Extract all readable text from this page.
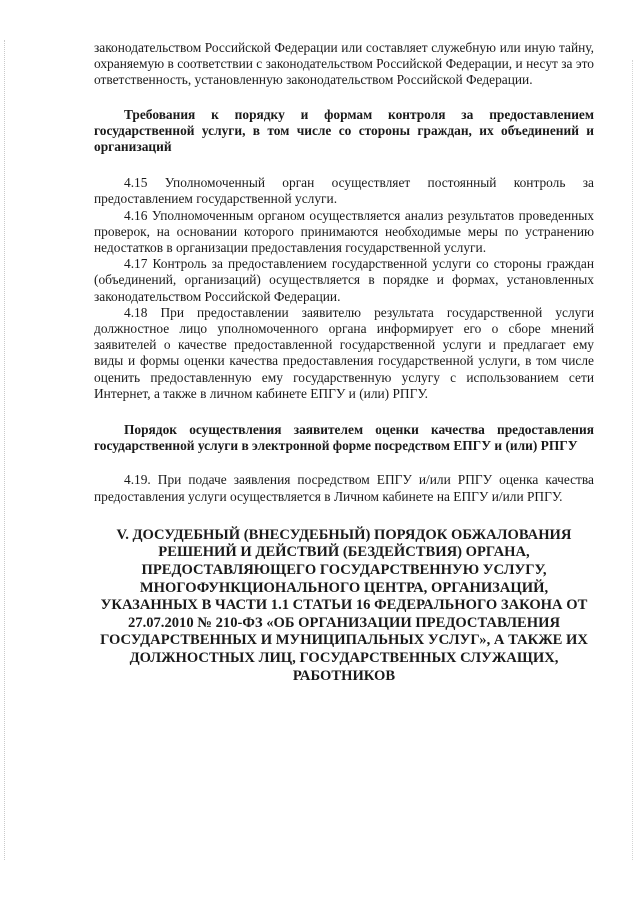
законодательством Российской Федерации или составляет служебную или иную тайну, охраняемую в соответствии с законодательством Российской Федерации, и несут за это ответственность, установленную законодательством Российской Федерации.

Требования к порядку и формам контроля за предоставлением государственной услуги, в том числе со стороны граждан, их объединений и организаций

4.15 Уполномоченный орган осуществляет постоянный контроль за предоставлением государственной услуги.

4.16 Уполномоченным органом осуществляется анализ результатов проведенных проверок, на основании которого принимаются необходимые меры по устранению недостатков в организации предоставления государственной услуги.

4.17 Контроль за предоставлением государственной услуги со стороны граждан (объединений, организаций) осуществляется в порядке и формах, установленных законодательством Российской Федерации.

4.18 При предоставлении заявителю результата государственной услуги должностное лицо уполномоченного органа информирует его о сборе мнений заявителей о качестве предоставленной государственной услуги и предлагает ему виды и формы оценки качества предоставления государственной услуги, в том числе оценить предоставленную ему государственную услугу с использованием сети Интернет, а также в личном кабинете ЕПГУ и (или) РПГУ.

Порядок осуществления заявителем оценки качества предоставления государственной услуги в электронной форме посредством ЕПГУ и (или) РПГУ

4.19. При подаче заявления посредством ЕПГУ и/или РПГУ оценка качества предоставления услуги осуществляется в Личном кабинете на ЕПГУ и/или РПГУ.

V. ДОСУДЕБНЫЙ (ВНЕСУДЕБНЫЙ) ПОРЯДОК ОБЖАЛОВАНИЯ РЕШЕНИЙ И ДЕЙСТВИЙ (БЕЗДЕЙСТВИЯ) ОРГАНА, ПРЕДОСТАВЛЯЮЩЕГО ГОСУДАРСТВЕННУЮ УСЛУГУ, МНОГОФУНКЦИОНАЛЬНОГО ЦЕНТРА, ОРГАНИЗАЦИЙ, УКАЗАННЫХ В ЧАСТИ 1.1 СТАТЬИ 16 ФЕДЕРАЛЬНОГО ЗАКОНА ОТ 27.07.2010 № 210-ФЗ «ОБ ОРГАНИЗАЦИИ ПРЕДОСТАВЛЕНИЯ ГОСУДАРСТВЕННЫХ И МУНИЦИПАЛЬНЫХ УСЛУГ», А ТАКЖЕ ИХ ДОЛЖНОСТНЫХ ЛИЦ, ГОСУДАРСТВЕННЫХ СЛУЖАЩИХ, РАБОТНИКОВ
